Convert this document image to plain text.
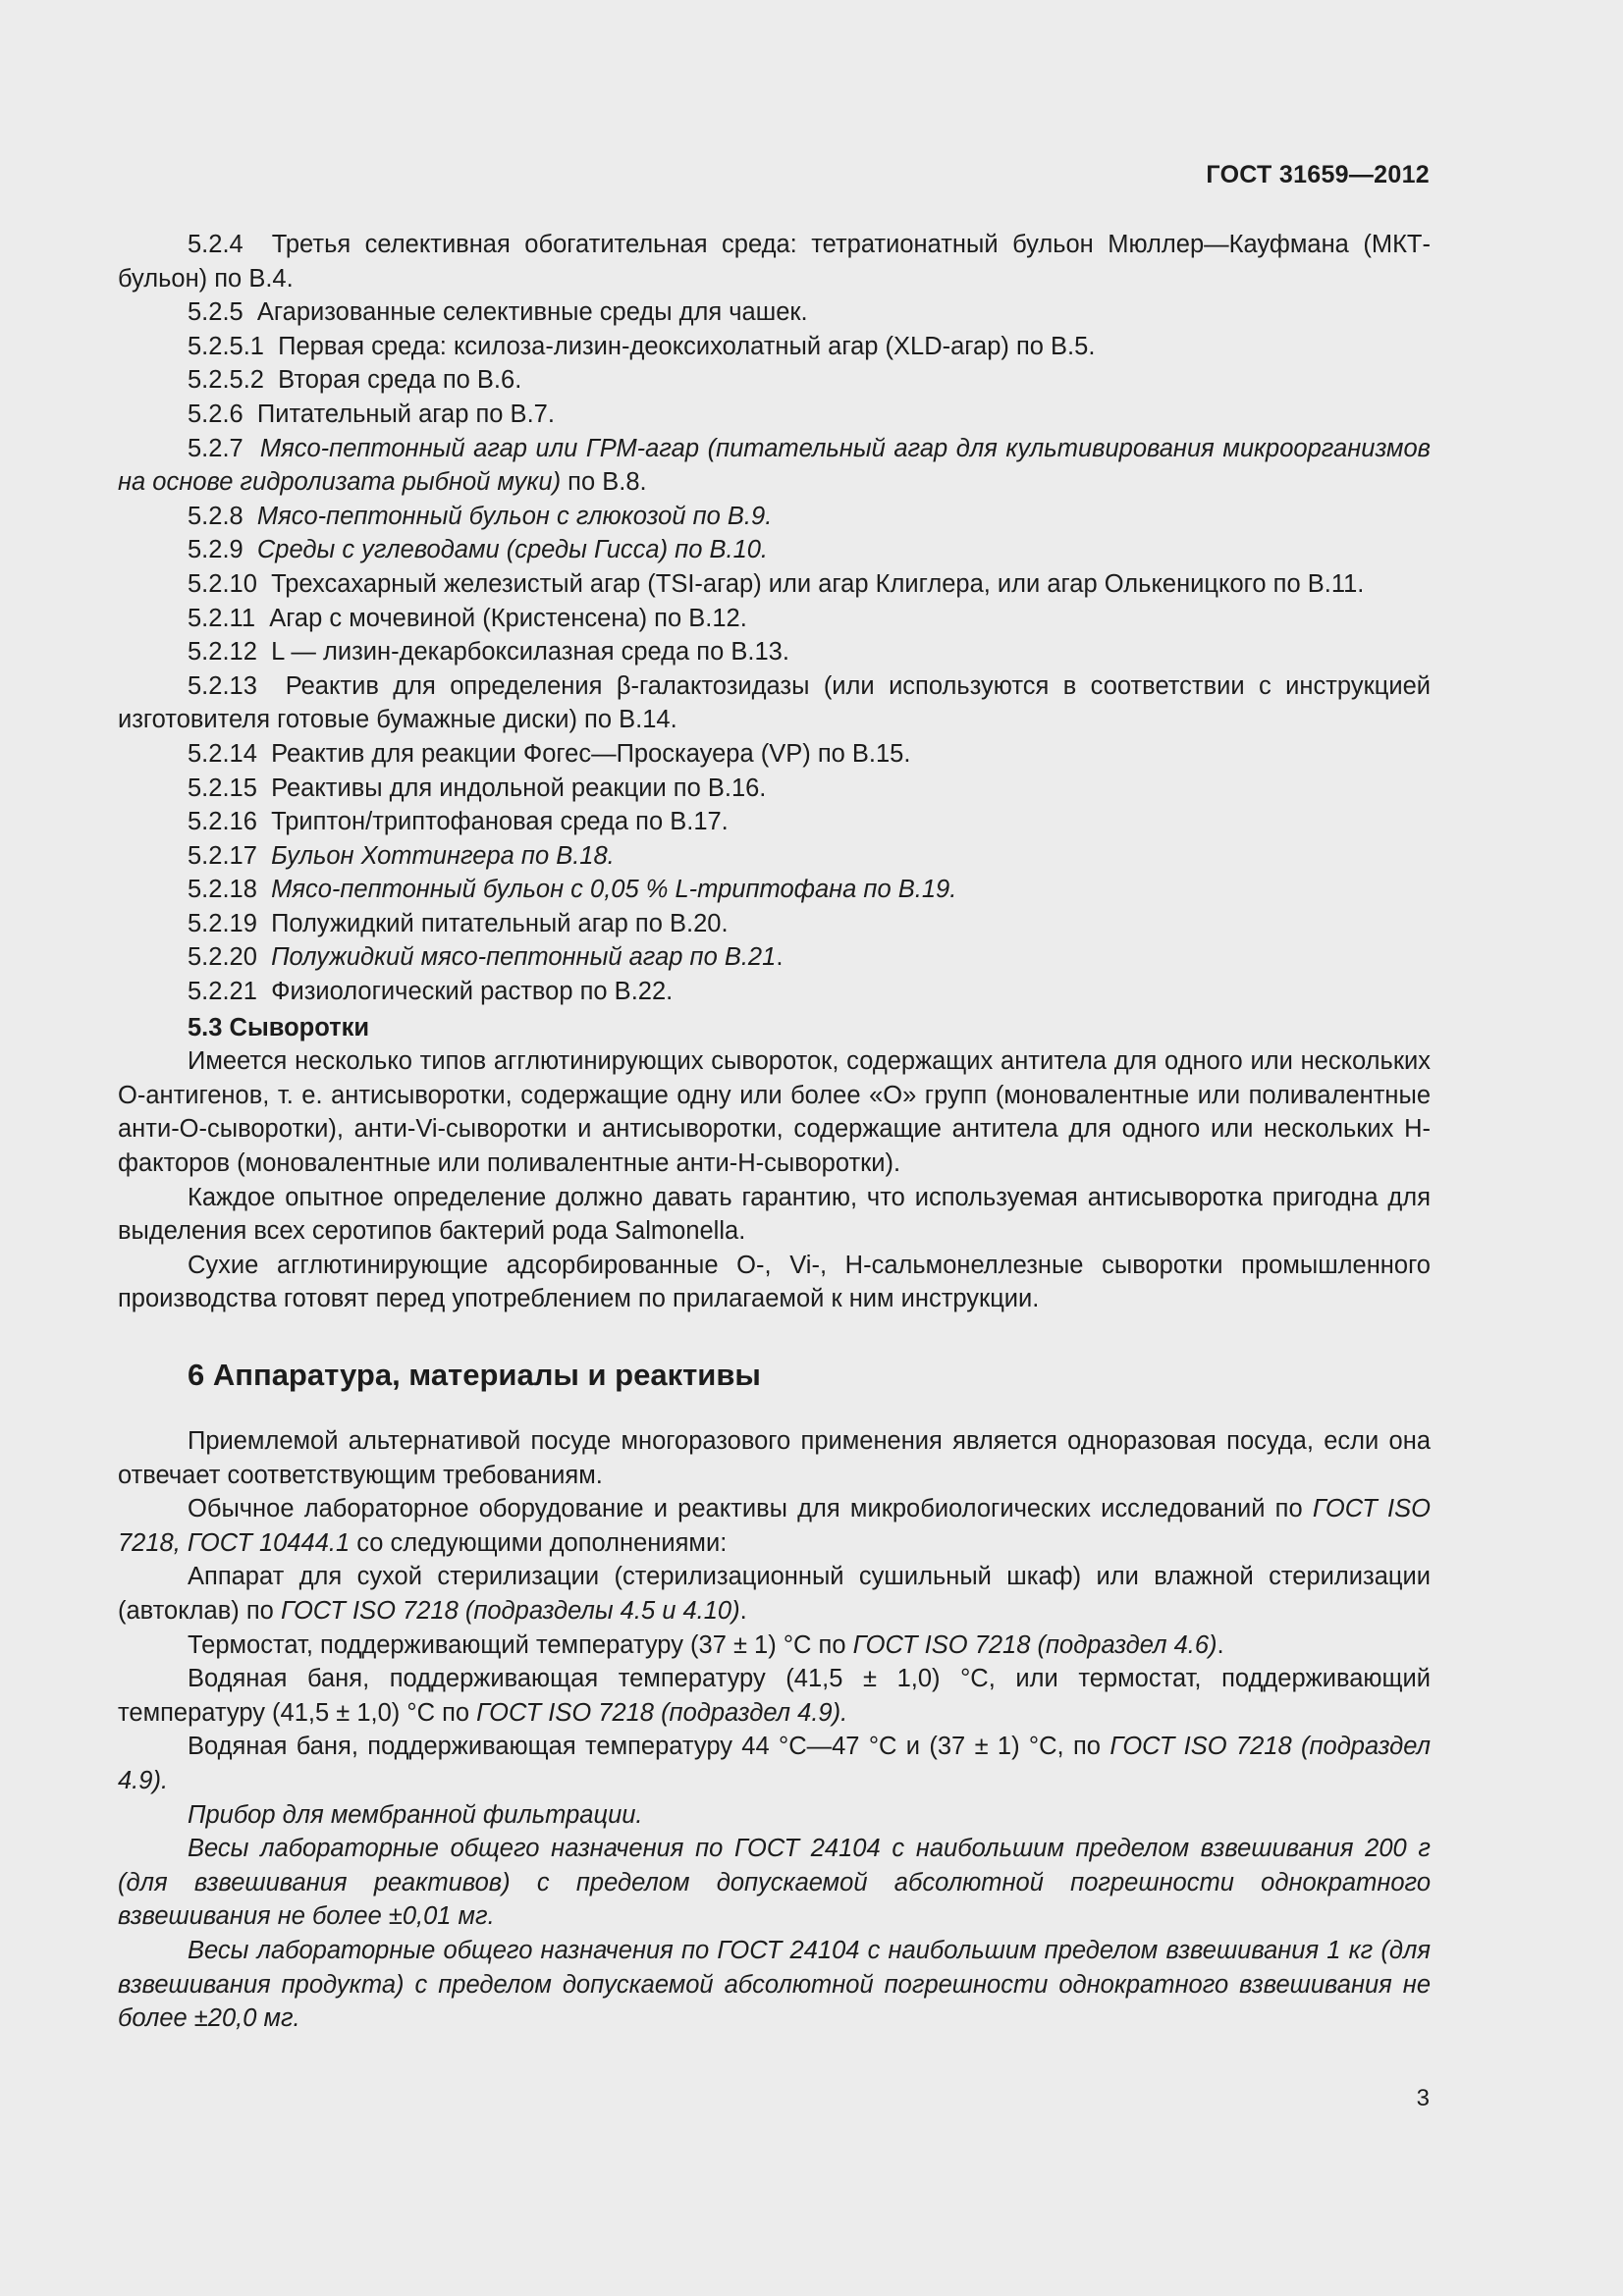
ГОСТ 31659—2012

5.2.4 Третья селективная обогатительная среда: тетратионатный бульон Мюллер—Кауфмана (МКТ-бульон) по В.4.

5.2.5 Агаризованные селективные среды для чашек.

5.2.5.1 Первая среда: ксилоза-лизин-деоксихолатный агар (XLD-агар) по В.5.

5.2.5.2 Вторая среда по В.6.

5.2.6 Питательный агар по В.7.

5.2.7 Мясо-пептонный агар или ГРМ-агар (питательный агар для культивирования микроорганизмов на основе гидролизата рыбной муки) по В.8.

5.2.8 Мясо-пептонный бульон с глюкозой по В.9.

5.2.9 Среды с углеводами (среды Гисса) по В.10.

5.2.10 Трехсахарный железистый агар (TSI-агар) или агар Клиглера, или агар Олькеницкого по В.11.

5.2.11 Агар с мочевиной (Кристенсена) по В.12.

5.2.12 L — лизин-декарбоксилазная среда по В.13.

5.2.13 Реактив для определения β-галактозидазы (или используются в соответствии с инструкцией изготовителя готовые бумажные диски) по В.14.

5.2.14 Реактив для реакции Фогес—Проскауера (VP) по В.15.

5.2.15 Реактивы для индольной реакции по В.16.

5.2.16 Триптон/триптофановая среда по В.17.

5.2.17 Бульон Хоттингера по В.18.

5.2.18 Мясо-пептонный бульон с 0,05 % L-триптофана по В.19.

5.2.19 Полужидкий питательный агар по В.20.

5.2.20 Полужидкий мясо-пептонный агар по В.21.

5.2.21 Физиологический раствор по В.22.

5.3 Сыворотки

Имеется несколько типов агглютинирующих сывороток, содержащих антитела для одного или нескольких О-антигенов, т. е. антисыворотки, содержащие одну или более «О» групп (моновалентные или поливалентные анти-О-сыворотки), анти-Vi-сыворотки и антисыворотки, содержащие антитела для одного или нескольких Н-факторов (моновалентные или поливалентные анти-Н-сыворотки).

Каждое опытное определение должно давать гарантию, что используемая антисыворотка пригодна для выделения всех серотипов бактерий рода Salmonella.

Сухие агглютинирующие адсорбированные О-, Vi-, Н-сальмонеллезные сыворотки промышленного производства готовят перед употреблением по прилагаемой к ним инструкции.

6 Аппаратура, материалы и реактивы

Приемлемой альтернативой посуде многоразового применения является одноразовая посуда, если она отвечает соответствующим требованиям.

Обычное лабораторное оборудование и реактивы для микробиологических исследований по ГОСТ ISO 7218, ГОСТ 10444.1 со следующими дополнениями:

Аппарат для сухой стерилизации (стерилизационный сушильный шкаф) или влажной стерилизации (автоклав) по ГОСТ ISO 7218 (подразделы 4.5 и 4.10).

Термостат, поддерживающий температуру (37 ± 1) °С по ГОСТ ISO 7218 (подраздел 4.6).

Водяная баня, поддерживающая температуру (41,5 ± 1,0) °С, или термостат, поддерживающий температуру (41,5 ± 1,0) °С по ГОСТ ISO 7218 (подраздел 4.9).

Водяная баня, поддерживающая температуру 44 °С—47 °С и (37 ± 1) °С, по ГОСТ ISO 7218 (подраздел 4.9).

Прибор для мембранной фильтрации.

Весы лабораторные общего назначения по ГОСТ 24104 с наибольшим пределом взвешивания 200 г (для взвешивания реактивов) с пределом допускаемой абсолютной погрешности однократного взвешивания не более ±0,01 мг.

Весы лабораторные общего назначения по ГОСТ 24104 с наибольшим пределом взвешивания 1 кг (для взвешивания продукта) с пределом допускаемой абсолютной погрешности однократного взвешивания не более ±20,0 мг.

3
